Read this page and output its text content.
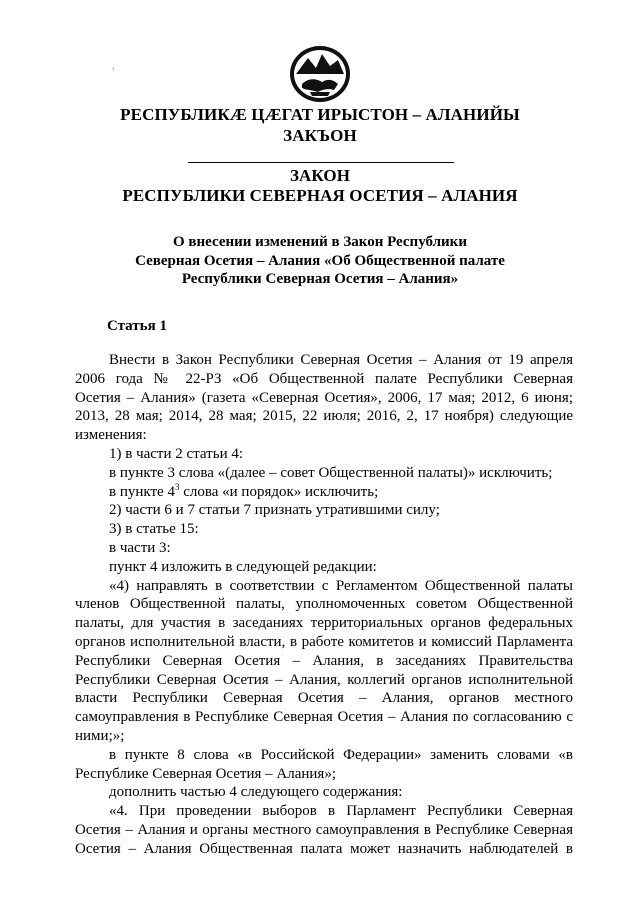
‘
РЕСПУБЛИКӔ ЦӔГАТ ИРЫСТОН – АЛАНИЙЫ
ЗАКЪОН
ЗАКОН
РЕСПУБЛИКИ СЕВЕРНАЯ ОСЕТИЯ – АЛАНИЯ
О внесении изменений в Закон Республики
Северная Осетия – Алания «Об Общественной палате
Республики Северная Осетия – Алания»
Статья 1

Внести в Закон Республики Северная Осетия – Алания от 19 апреля

2006 года № 22-РЗ «Об Общественной палате Республики Северная

Осетия – Алания» (газета «Северная Осетия», 2006, 17 мая; 2012, 6 июня;

2013, 28 мая; 2014, 28 мая; 2015, 22 июля; 2016, 2, 17 ноября) следующие

изменения:

1) в части 2 статьи 4:

в пункте 3 слова «(далее – совет Общественной палаты)» исключить;

в пункте $4^3$ слова «и порядок» исключить;

2) части 6 и 7 статьи 7 признать утратившими силу;

3) в статье 15:

в части 3:

пункт 4 изложить в следующей редакции:

«4) направлять в соответствии с Регламентом Общественной палаты

членов Общественной палаты, уполномоченных советом Общественной

палаты, для участия в заседаниях территориальных органов федеральных

органов исполнительной власти, в работе комитетов и комиссий Парламента

Республики Северная Осетия – Алания, в заседаниях Правительства

Республики Северная Осетия – Алания, коллегий органов исполнительной

власти Республики Северная Осетия – Алания, органов местного

самоуправления в Республике Северная Осетия – Алания по согласованию с

ними;»;

в пункте 8 слова «в Российской Федерации» заменить словами «в

Республике Северная Осетия – Алания»;

дополнить частью 4 следующего содержания:

«4. При проведении выборов в Парламент Республики Северная

Осетия – Алания и органы местного самоуправления в Республике Северная

Осетия – Алания Общественная палата может назначить наблюдателей в
